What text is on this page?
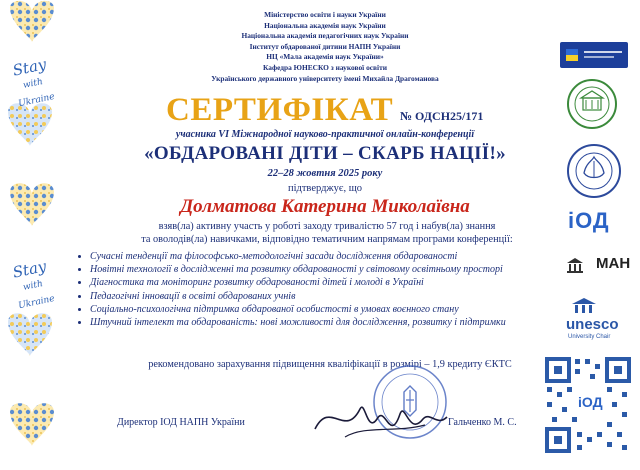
Stay
with Ukraine
Stay
with Ukraine
Міністерство освіти і науки України
Національна академія наук України
Національна академія педагогічних наук України
Інститут обдарованої дитини НАПН України
НЦ «Мала академія наук України»
Кафедра ЮНЕСКО з наукової освіти
Українського державного університету імені Михайла Драгоманова
СЕРТИФІКАТ № ОДСН25/171
учасника VI Міжнародної науково-практичної онлайн-конференції
«ОБДАРОВАНІ ДІТИ – СКАРБ НАЦІЇ!»
22–28 жовтня 2025 року
підтверджує, що
Долматова Катерина Миколаївна
взяв(ла) активну участь у роботі заходу тривалістю 57 год і набув(ла) знання
та оволодів(ла) навичками, відповідно тематичним напрямам програми конференції:
• Сучасні тенденції та філософсько-методологічні засади дослідження обдарованості
• Новітні технології в дослідженні та розвитку обдарованості у світовому освітньому просторі
• Діагностика та моніторинг розвитку обдарованості дітей і молоді в Україні
• Педагогічні інновації в освіті обдарованих учнів
• Соціально-психологічна підтримка обдарованої особистості в умовах воєнного стану
• Штучний інтелект та обдарованість: нові можливості для дослідження, розвитку і підтримки
рекомендовано зарахування підвищення кваліфікації в розмірі – 1,9 кредиту ЄКТС
Директор ІОД НАПН України	Гальченко М. С.
іОД
МАН
unesco
University Chair
іОД
